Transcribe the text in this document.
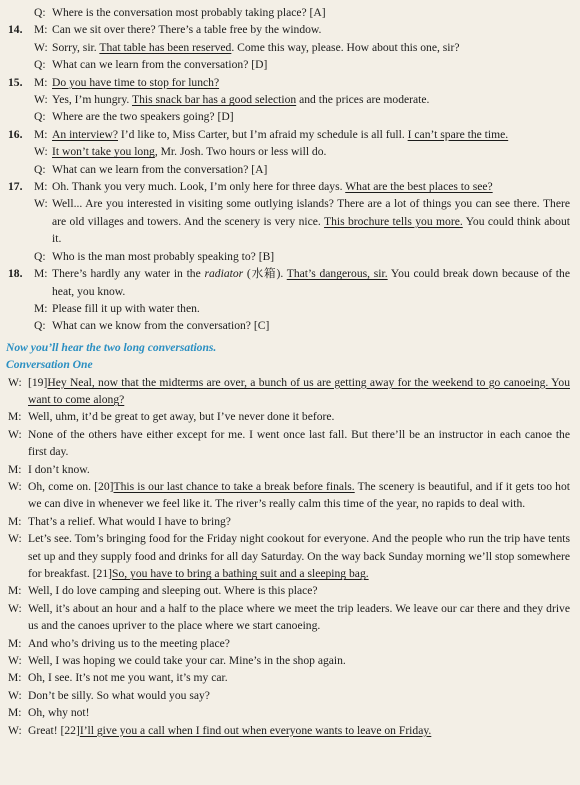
Q: Where is the conversation most probably taking place? [A]

14. M: Can we sit over there? There’s a table free by the window.

W: Sorry, sir. That table has been reserved. Come this way, please. How about this one, sir?

Q: What can we learn from the conversation? [D]

15. M: Do you have time to stop for lunch?

W: Yes, I’m hungry. This snack bar has a good selection and the prices are moderate.

Q: Where are the two speakers going? [D]

16. M: An interview? I’d like to, Miss Carter, but I’m afraid my schedule is all full. I can’t spare the time.

W: It won’t take you long, Mr. Josh. Two hours or less will do.

Q: What can we learn from the conversation? [A]

17. M: Oh. Thank you very much. Look, I’m only here for three days. What are the best places to see?

W: Well... Are you interested in visiting some outlying islands? There are a lot of things you can see there. There are old villages and towers. And the scenery is very nice. This brochure tells you more. You could think about it.

Q: Who is the man most probably speaking to? [B]

18. M: There’s hardly any water in the radiator (水箱). That’s dangerous, sir. You could break down because of the heat, you know.

M: Please fill it up with water then.

Q: What can we know from the conversation? [C]

Now you’ll hear the two long conversations.
Conversation One
W: [19]Hey Neal, now that the midterms are over, a bunch of us are getting away for the weekend to go canoeing. You want to come along?

M: Well, uhm, it’d be great to get away, but I’ve never done it before.

W: None of the others have either except for me. I went once last fall. But there’ll be an instructor in each canoe the first day.

M: I don’t know.

W: Oh, come on. [20]This is our last chance to take a break before finals. The scenery is beautiful, and if it gets too hot we can dive in whenever we feel like it. The river’s really calm this time of the year, no rapids to deal with.

M: That’s a relief. What would I have to bring?

W: Let’s see. Tom’s bringing food for the Friday night cookout for everyone. And the people who run the trip have tents set up and they supply food and drinks for all day Saturday. On the way back Sunday morning we’ll stop somewhere for breakfast. [21]So, you have to bring a bathing suit and a sleeping bag.

M: Well, I do love camping and sleeping out. Where is this place?

W: Well, it’s about an hour and a half to the place where we meet the trip leaders. We leave our car there and they drive us and the canoes upriver to the place where we start canoeing.

M: And who’s driving us to the meeting place?

W: Well, I was hoping we could take your car. Mine’s in the shop again.

M: Oh, I see. It’s not me you want, it’s my car.

W: Don’t be silly. So what would you say?

M: Oh, why not!

W: Great! [22]I’ll give you a call when I find out when everyone wants to leave on Friday.
